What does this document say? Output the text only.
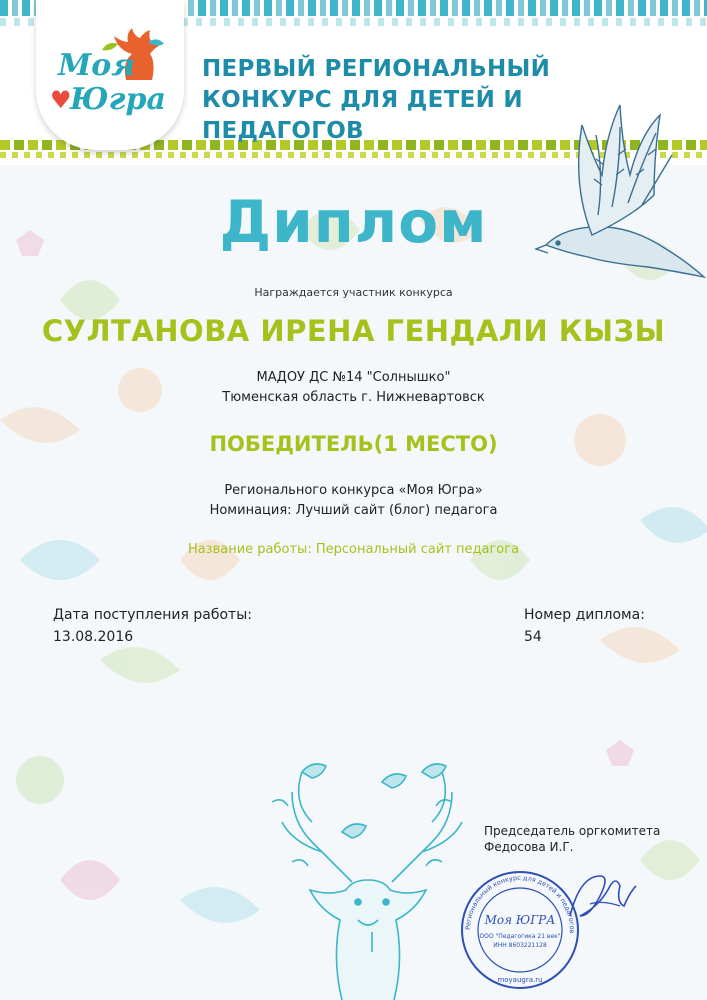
♥
Моя
Югра
ПЕРВЫЙ РЕГИОНАЛЬНЫЙ
КОНКУРС ДЛЯ ДЕТЕЙ И ПЕДАГОГОВ
Диплом
Награждается участник конкурса
СУЛТАНОВА ИРЕНА ГЕНДАЛИ КЫЗЫ
МАДОУ ДС №14 "Солнышко"
Тюменская область г. Нижневартовск
ПОБЕДИТЕЛЬ(1 МЕСТО)
Регионального конкурса «Моя Югра»
Номинация: Лучший сайт (блог) педагога
Название работы: Персональный сайт педагога
Дата поступления работы:
13.08.2016
Номер диплома:
54
Председатель оргкомитета
Федосова И.Г.
Региональный конкурс для детей и педагогов
Моя ЮГРА
ООО "Педагогика 21 век"
ИНН 8603221128
moyaugra.ru
